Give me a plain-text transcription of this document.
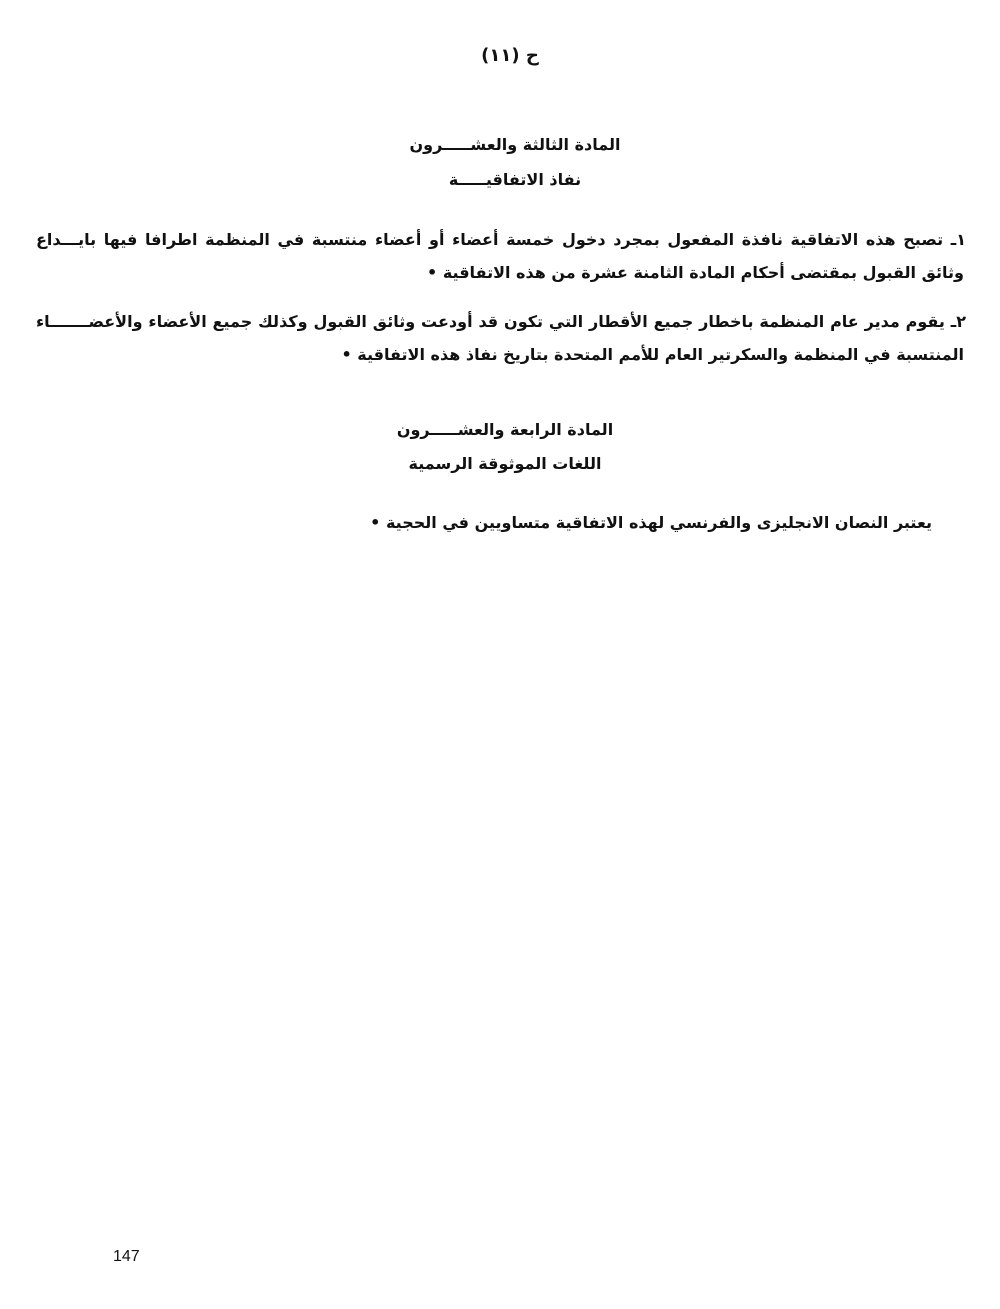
ح (١١)
المادة الثالثة والعشـــــرون
نفاذ الاتفاقيـــــة
١ـ تصبح هذه الاتفاقية نافذة المفعول بمجرد دخول خمسة أعضاء أو أعضاء منتسبة في المنظمة اطرافا فيها بايـــداع
وثائق القبول بمقتضى أحكام المادة الثامنة عشرة من هذه الاتفاقية •
٢ـ يقوم مدير عام المنظمة باخطار جميع الأقطار التي تكون قد أودعت وثائق القبول وكذلك جميع الأعضاء والأعضـــــــاء
المنتسبة في المنظمة والسكرتير العام للأمم المتحدة بتاريخ نفاذ هذه الاتفاقية •
المادة الرابعة والعشـــــرون
اللغات الموثوقة الرسمية
يعتبر النصان الانجليزى والفرنسي لهذه الاتفاقية متساويين في الحجية •
147
